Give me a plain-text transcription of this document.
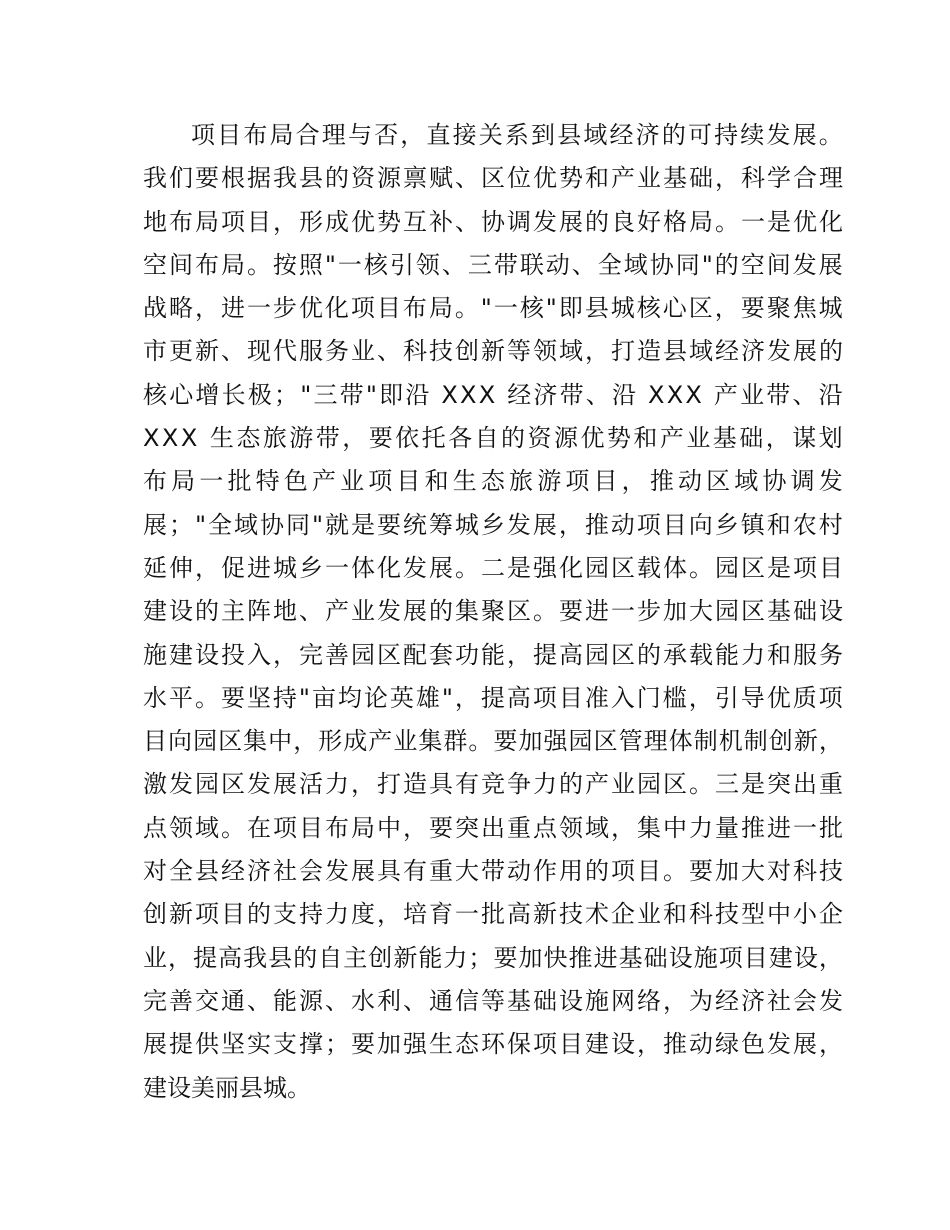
项 目 布 局 合 理 与 否 ， 直 接 关 系 到 县 域 经 济 的 可 持 续 发 展 。
我 们 要 根 据 我 县 的 资 源 禀 赋 、 区 位 优 势 和 产 业 基 础 ， 科 学 合 理
地 布 局 项 目 ， 形 成 优 势 互 补 、 协 调 发 展 的 良 好 格 局 。 一 是 优 化
空 间 布 局 。 按 照 " 一 核 引 领 、 三 带 联 动 、 全 域 协 同 " 的 空 间 发 展
战 略 ， 进 一 步 优 化 项 目 布 局 。 " 一 核 " 即 县 城 核 心 区 ， 要 聚 焦 城
市 更 新 、 现 代 服 务 业 、 科 技 创 新 等 领 域 ， 打 造 县 域 经 济 发 展 的
核 心 增 长 极 ； " 三 带 " 即 沿
X X X
经 济 带 、 沿
X X X
产 业 带 、 沿
X X X
生 态 旅 游 带 ， 要 依 托 各 自 的 资 源 优 势 和 产 业 基 础 ， 谋 划
布 局 一 批 特 色 产 业 项 目 和 生 态 旅 游 项 目 ， 推 动 区 域 协 调 发
展 ； " 全 域 协 同 " 就 是 要 统 筹 城 乡 发 展 ， 推 动 项 目 向 乡 镇 和 农 村
延 伸 ， 促 进 城 乡 一 体 化 发 展 。 二 是 强 化 园 区 载 体 。 园 区 是 项 目
建 设 的 主 阵 地 、 产 业 发 展 的 集 聚 区 。 要 进 一 步 加 大 园 区 基 础 设
施 建 设 投 入 ， 完 善 园 区 配 套 功 能 ， 提 高 园 区 的 承 载 能 力 和 服 务
水 平 。 要 坚 持 " 亩 均 论 英 雄 " ， 提 高 项 目 准 入 门 槛 ， 引 导 优 质 项
目 向 园 区 集 中 ， 形 成 产 业 集 群 。 要 加 强 园 区 管 理 体 制 机 制 创 新 ，
激 发 园 区 发 展 活 力 ， 打 造 具 有 竞 争 力 的 产 业 园 区 。 三 是 突 出 重
点 领 域 。 在 项 目 布 局 中 ， 要 突 出 重 点 领 域 ， 集 中 力 量 推 进 一 批
对 全 县 经 济 社 会 发 展 具 有 重 大 带 动 作 用 的 项 目 。 要 加 大 对 科 技
创 新 项 目 的 支 持 力 度 ， 培 育 一 批 高 新 技 术 企 业 和 科 技 型 中 小 企
业 ， 提 高 我 县 的 自 主 创 新 能 力 ； 要 加 快 推 进 基 础 设 施 项 目 建 设 ，
完 善 交 通 、 能 源 、 水 利 、 通 信 等 基 础 设 施 网 络 ， 为 经 济 社 会 发
展 提 供 坚 实 支 撑 ； 要 加 强 生 态 环 保 项 目 建 设 ， 推 动 绿 色 发 展 ，
建设美丽县城。
